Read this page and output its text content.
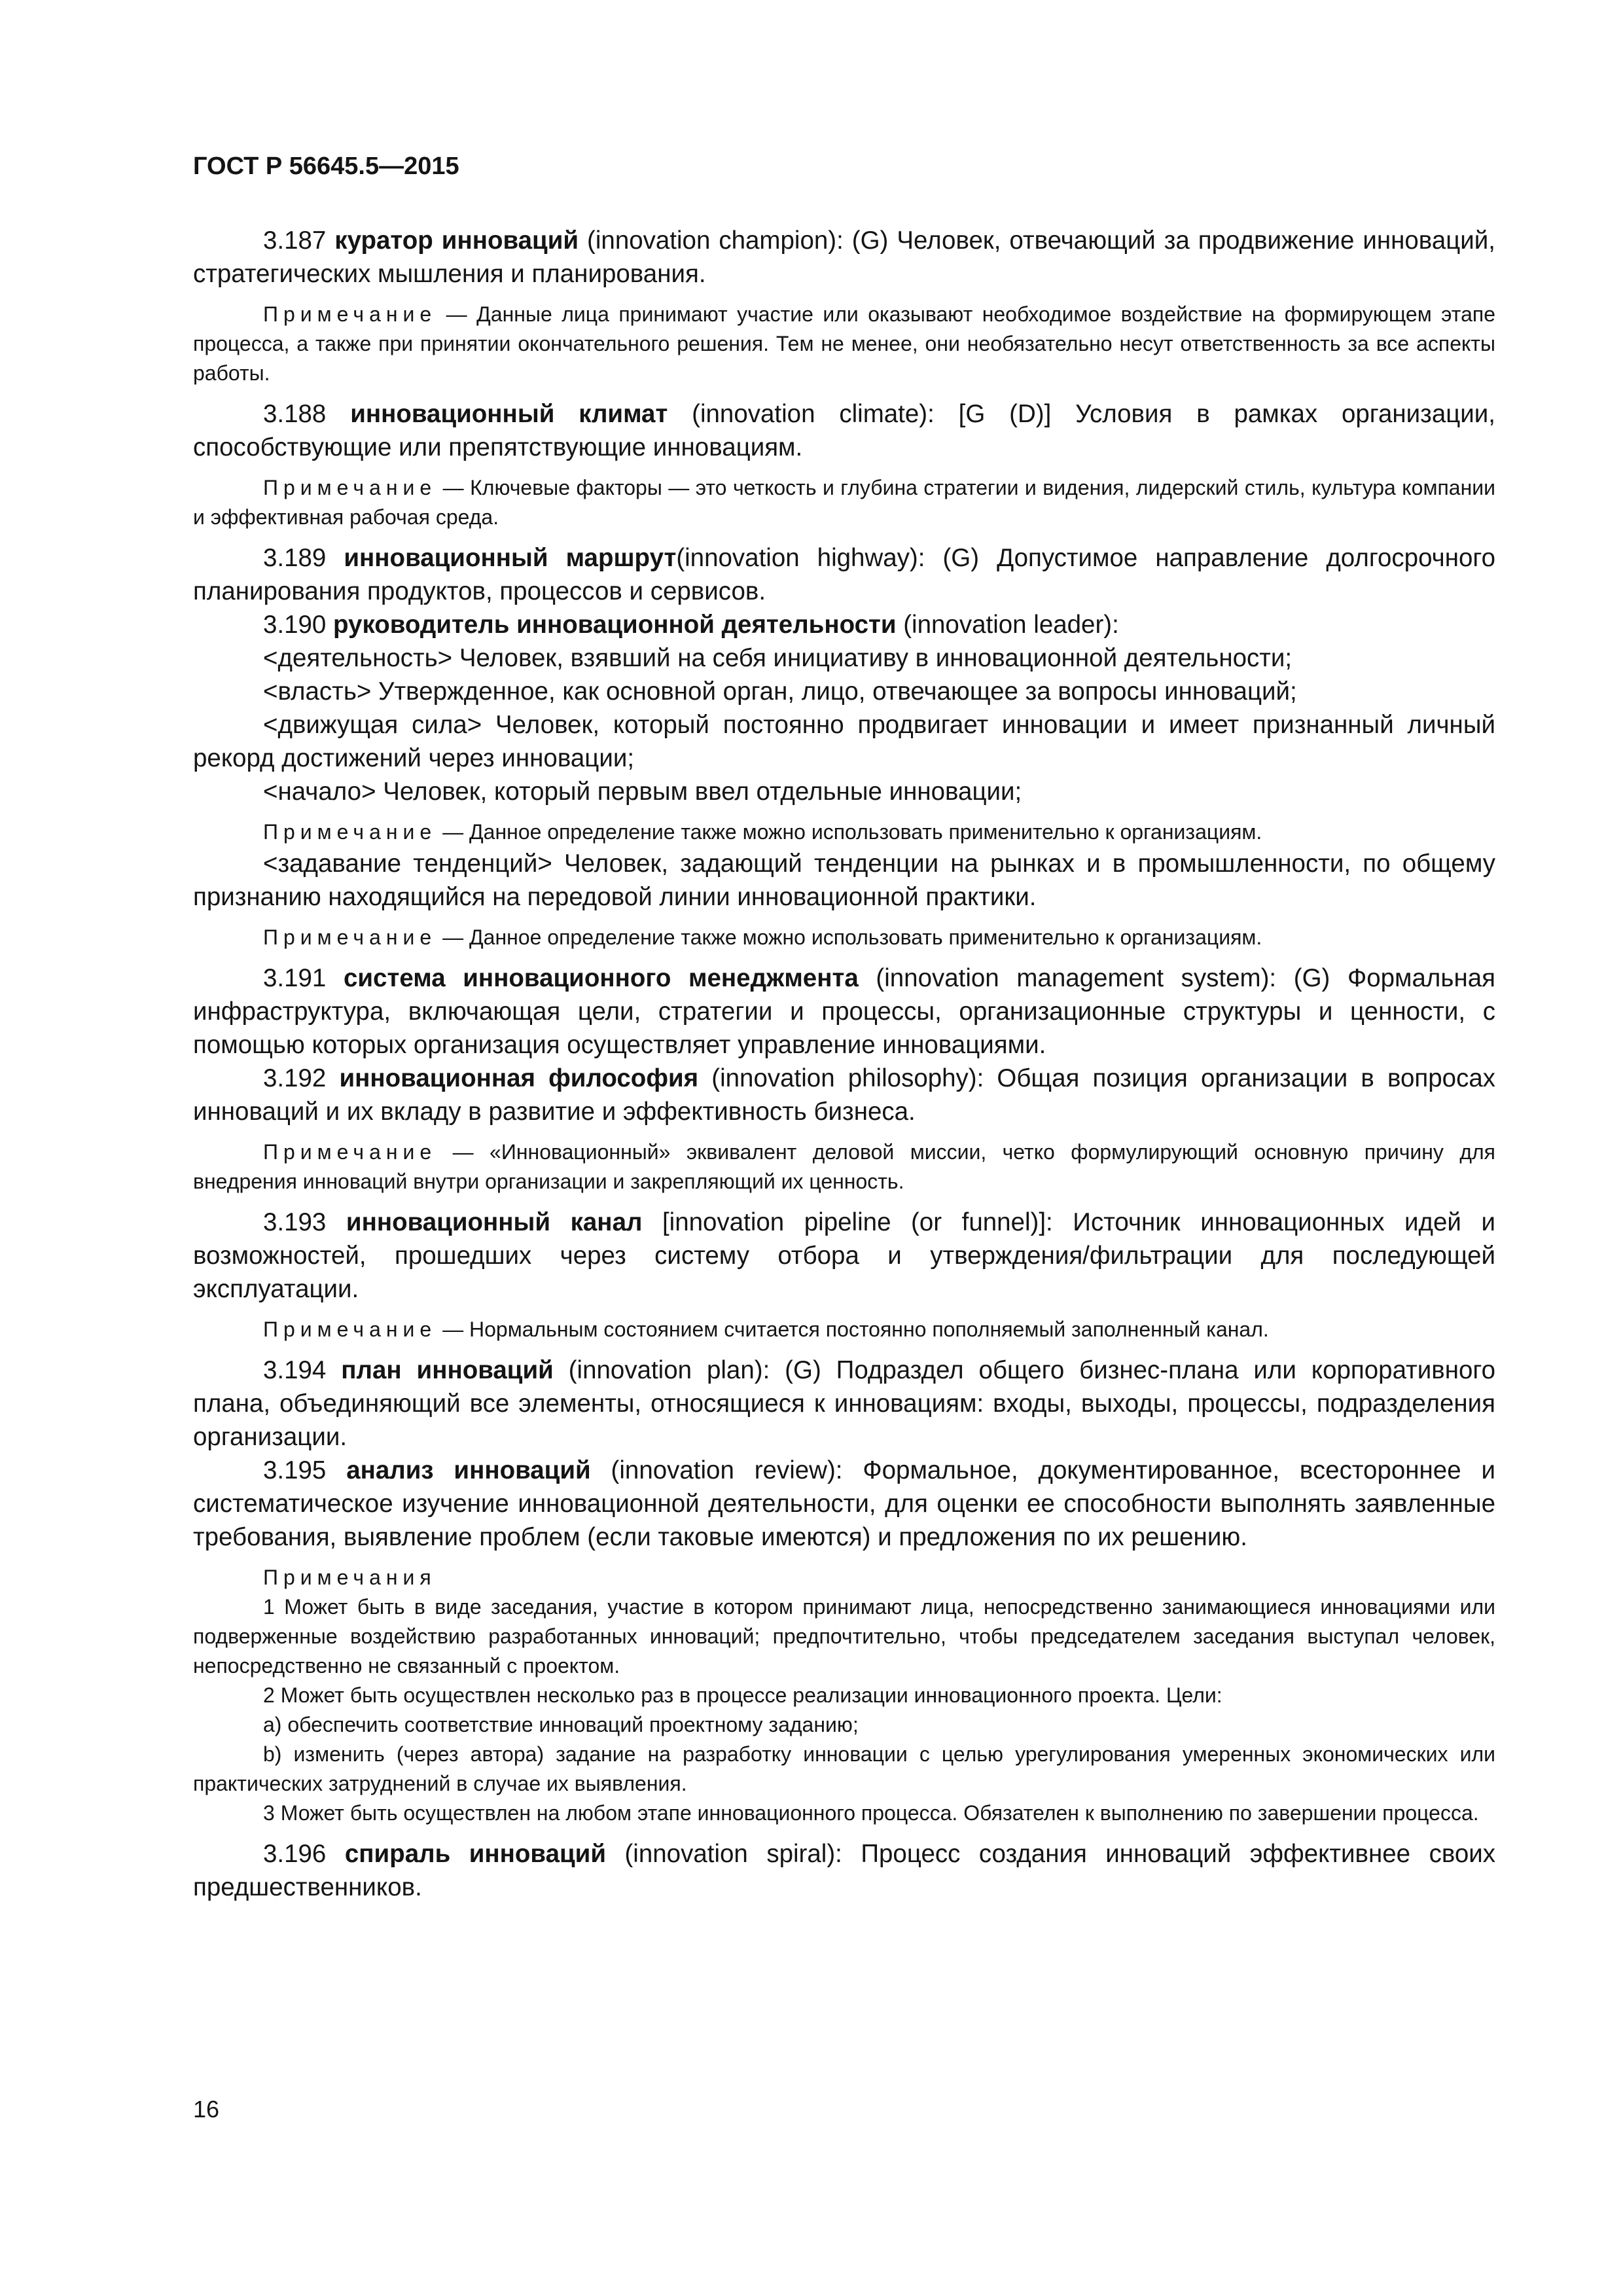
ГОСТ Р 56645.5—2015

3.187 куратор инноваций (innovation champion): (G) Человек, отвечающий за продвижение инноваций, стратегических мышления и планирования.

Примечание — Данные лица принимают участие или оказывают необходимое воздействие на формирующем этапе процесса, а также при принятии окончательного решения. Тем не менее, они необязательно несут ответственность за все аспекты работы.

3.188 инновационный климат (innovation climate): [G (D)] Условия в рамках организации, способствующие или препятствующие инновациям.

Примечание — Ключевые факторы — это четкость и глубина стратегии и видения, лидерский стиль, культура компании и эффективная рабочая среда.

3.189 инновационный маршрут(innovation highway): (G) Допустимое направление долгосрочного планирования продуктов, процессов и сервисов.

3.190 руководитель инновационной деятельности (innovation leader):

<деятельность> Человек, взявший на себя инициативу в инновационной деятельности;

<власть> Утвержденное, как основной орган, лицо, отвечающее за вопросы инноваций;

<движущая сила> Человек, который постоянно продвигает инновации и имеет признанный личный рекорд достижений через инновации;

<начало> Человек, который первым ввел отдельные инновации;

Примечание — Данное определение также можно использовать применительно к организациям.

<задавание тенденций> Человек, задающий тенденции на рынках и в промышленности, по общему признанию находящийся на передовой линии инновационной практики.

Примечание — Данное определение также можно использовать применительно к организациям.

3.191 система инновационного менеджмента (innovation management system): (G) Формальная инфраструктура, включающая цели, стратегии и процессы, организационные структуры и ценности, с помощью которых организация осуществляет управление инновациями.

3.192 инновационная философия (innovation philosophy): Общая позиция организации в вопросах инноваций и их вкладу в развитие и эффективность бизнеса.

Примечание — «Инновационный» эквивалент деловой миссии, четко формулирующий основную причину для внедрения инноваций внутри организации и закрепляющий их ценность.

3.193 инновационный канал [innovation pipeline (or funnel)]: Источник инновационных идей и возможностей, прошедших через систему отбора и утверждения/фильтрации для последующей эксплуатации.

Примечание — Нормальным состоянием считается постоянно пополняемый заполненный канал.

3.194 план инноваций (innovation plan): (G) Подраздел общего бизнес-плана или корпоративного плана, объединяющий все элементы, относящиеся к инновациям: входы, выходы, процессы, подразделения организации.

3.195 анализ инноваций (innovation review): Формальное, документированное, всестороннее и систематическое изучение инновационной деятельности, для оценки ее способности выполнять заявленные требования, выявление проблем (если таковые имеются) и предложения по их решению.

Примечания

1 Может быть в виде заседания, участие в котором принимают лица, непосредственно занимающиеся инновациями или подверженные воздействию разработанных инноваций; предпочтительно, чтобы председателем заседания выступал человек, непосредственно не связанный с проектом.

2 Может быть осуществлен несколько раз в процессе реализации инновационного проекта. Цели:

а) обеспечить соответствие инноваций проектному заданию;

b) изменить (через автора) задание на разработку инновации с целью урегулирования умеренных экономических или практических затруднений в случае их выявления.

3 Может быть осуществлен на любом этапе инновационного процесса. Обязателен к выполнению по завершении процесса.

3.196 спираль инноваций (innovation spiral): Процесс создания инноваций эффективнее своих предшественников.

16
